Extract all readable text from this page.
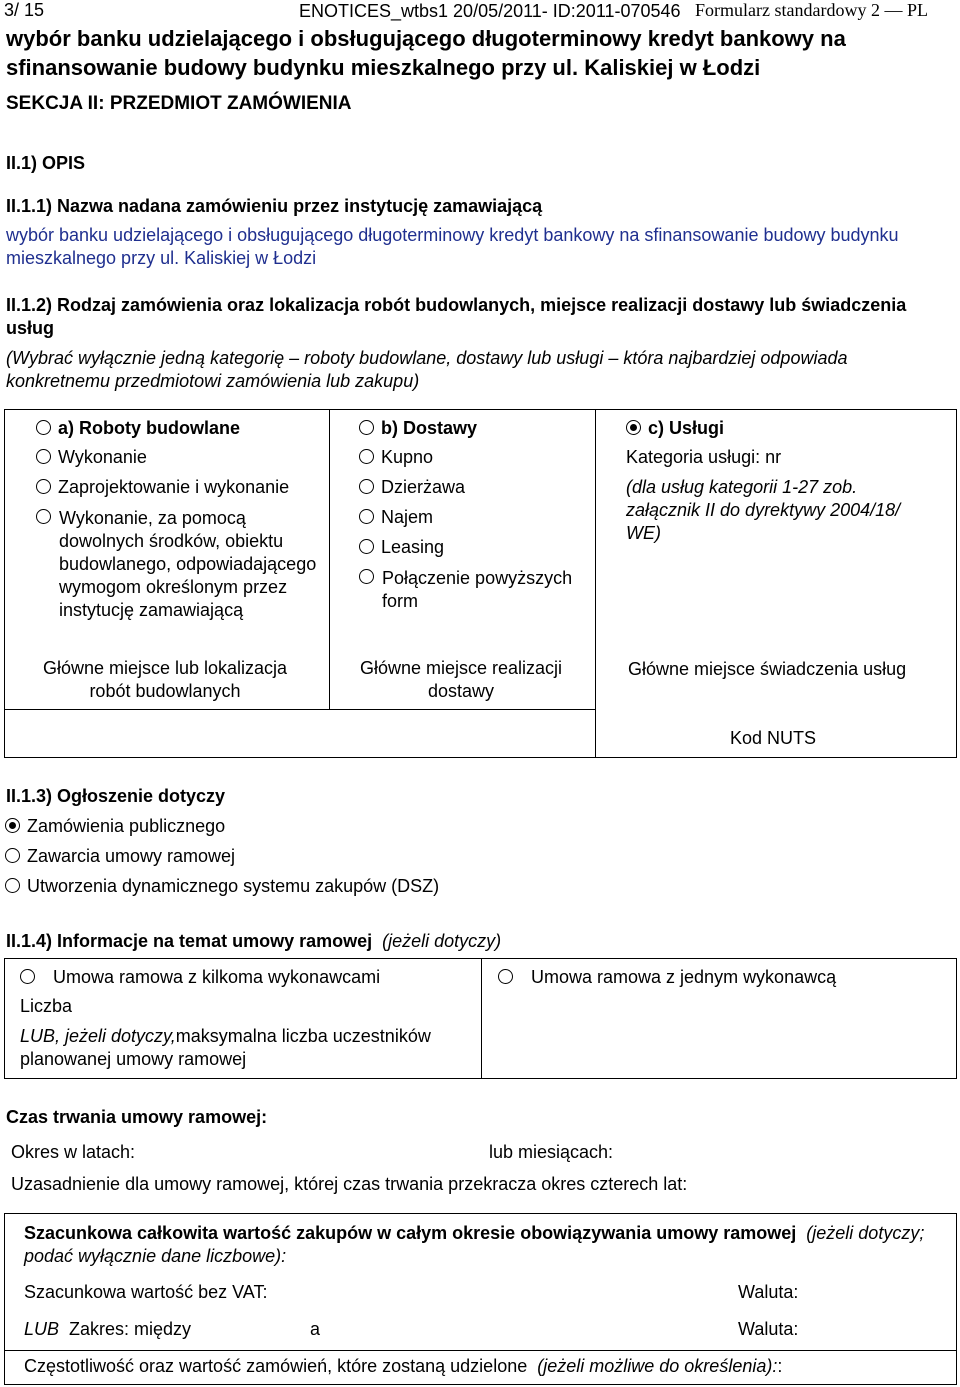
3/ 15	ENOTICES_wtbs1 20/05/2011- ID:2011-070546 Formularz standardowy 2 — PL
wybór banku udzielającego i obsługującego długoterminowy kredyt bankowy na sfinansowanie budowy budynku mieszkalnego przy ul. Kaliskiej w Łodzi
SEKCJA II: PRZEDMIOT ZAMÓWIENIA
II.1) OPIS
II.1.1) Nazwa nadana zamówieniu przez instytucję zamawiającą
wybór banku udzielającego i obsługującego długoterminowy kredyt bankowy na sfinansowanie budowy budynku mieszkalnego przy ul. Kaliskiej w Łodzi
II.1.2) Rodzaj zamówienia oraz lokalizacja robót budowlanych, miejsce realizacji dostawy lub świadczenia usług
(Wybrać wyłącznie jedną kategorię – roboty budowlane, dostawy lub usługi – która najbardziej odpowiada konkretnemu przedmiotowi zamówienia lub zakupu)
a) Roboty budowlane
Wykonanie
Zaprojektowanie i wykonanie
Wykonanie, za pomocą dowolnych środków, obiektu budowlanego, odpowiadającego wymogom określonym przez instytucję zamawiającą
Główne miejsce lub lokalizacja robót budowlanych
b) Dostawy
Kupno
Dzierżawa
Najem
Leasing
Połączenie powyższych form
Główne miejsce realizacji dostawy
c) Usługi
Kategoria usługi: nr
(dla usług kategorii 1-27 zob. załącznik II do dyrektywy 2004/18/ WE)
Główne miejsce świadczenia usług
Kod NUTS
II.1.3) Ogłoszenie dotyczy
Zamówienia publicznego
Zawarcia umowy ramowej
Utworzenia dynamicznego systemu zakupów (DSZ)
II.1.4) Informacje na temat umowy ramowej (jeżeli dotyczy)
Umowa ramowa z kilkoma wykonawcami	Umowa ramowa z jednym wykonawcą
Liczba
LUB, jeżeli dotyczy,maksymalna liczba uczestników planowanej umowy ramowej
Czas trwania umowy ramowej:
Okres w latach:	lub miesiącach:
Uzasadnienie dla umowy ramowej, której czas trwania przekracza okres czterech lat:
Szacunkowa całkowita wartość zakupów w całym okresie obowiązywania umowy ramowej (jeżeli dotyczy; podać wyłącznie dane liczbowe):
Szacunkowa wartość bez VAT:	Waluta:
LUB Zakres: między	a	Waluta:
Częstotliwość oraz wartość zamówień, które zostaną udzielone (jeżeli możliwe do określenia)::
